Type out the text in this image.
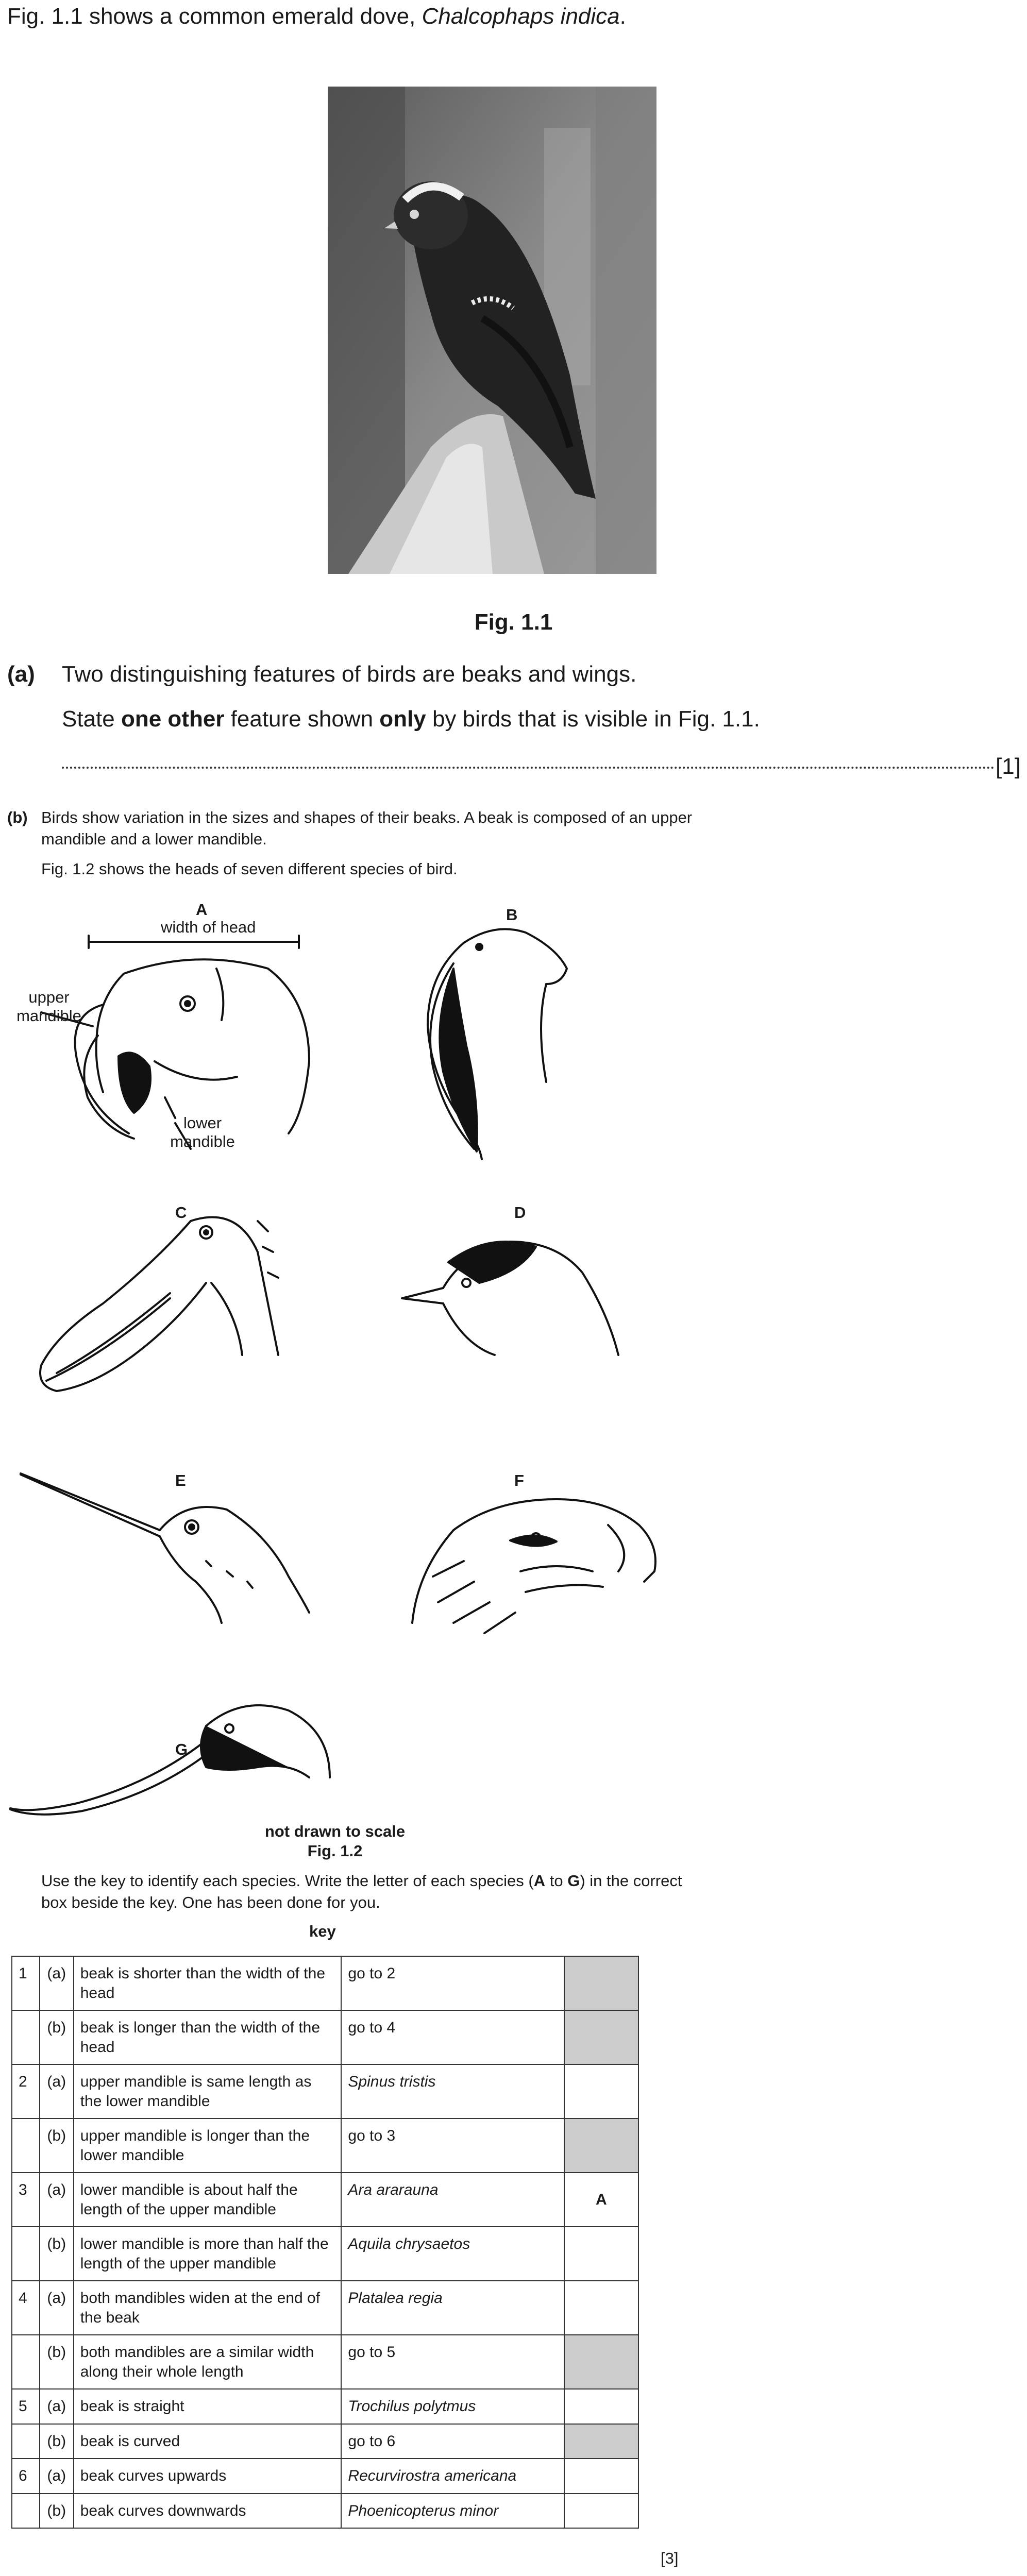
Fig. 1.1 shows a common emerald dove, Chalcophaps indica.
Fig. 1.1
(a) Two distinguishing features of birds are beaks and wings.
State one other feature shown only by birds that is visible in Fig. 1.1.
[1]
(b) Birds show variation in the sizes and shapes of their beaks. A beak is composed of an upper mandible and a lower mandible.
Fig. 1.2 shows the heads of seven different species of bird.
A
width of head
upper mandible
lower mandible
B
C	D
E	F
G
not drawn to scale
Fig. 1.2
Use the key to identify each species. Write the letter of each species (A to G) in the correct box beside the key. One has been done for you.
key
1	(a)	beak is shorter than the width of the head	go to 2	
	(b)	beak is longer than the width of the head	go to 4	
2	(a)	upper mandible is same length as the lower mandible	Spinus tristis	
	(b)	upper mandible is longer than the lower mandible	go to 3	
3	(a)	lower mandible is about half the length of the upper mandible	Ara ararauna	A
	(b)	lower mandible is more than half the length of the upper mandible	Aquila chrysaetos	
4	(a)	both mandibles widen at the end of the beak	Platalea regia	
	(b)	both mandibles are a similar width along their whole length	go to 5	
5	(a)	beak is straight	Trochilus polytmus	
	(b)	beak is curved	go to 6	
6	(a)	beak curves upwards	Recurvirostra americana	
	(b)	beak curves downwards	Phoenicopterus minor	
[3]
